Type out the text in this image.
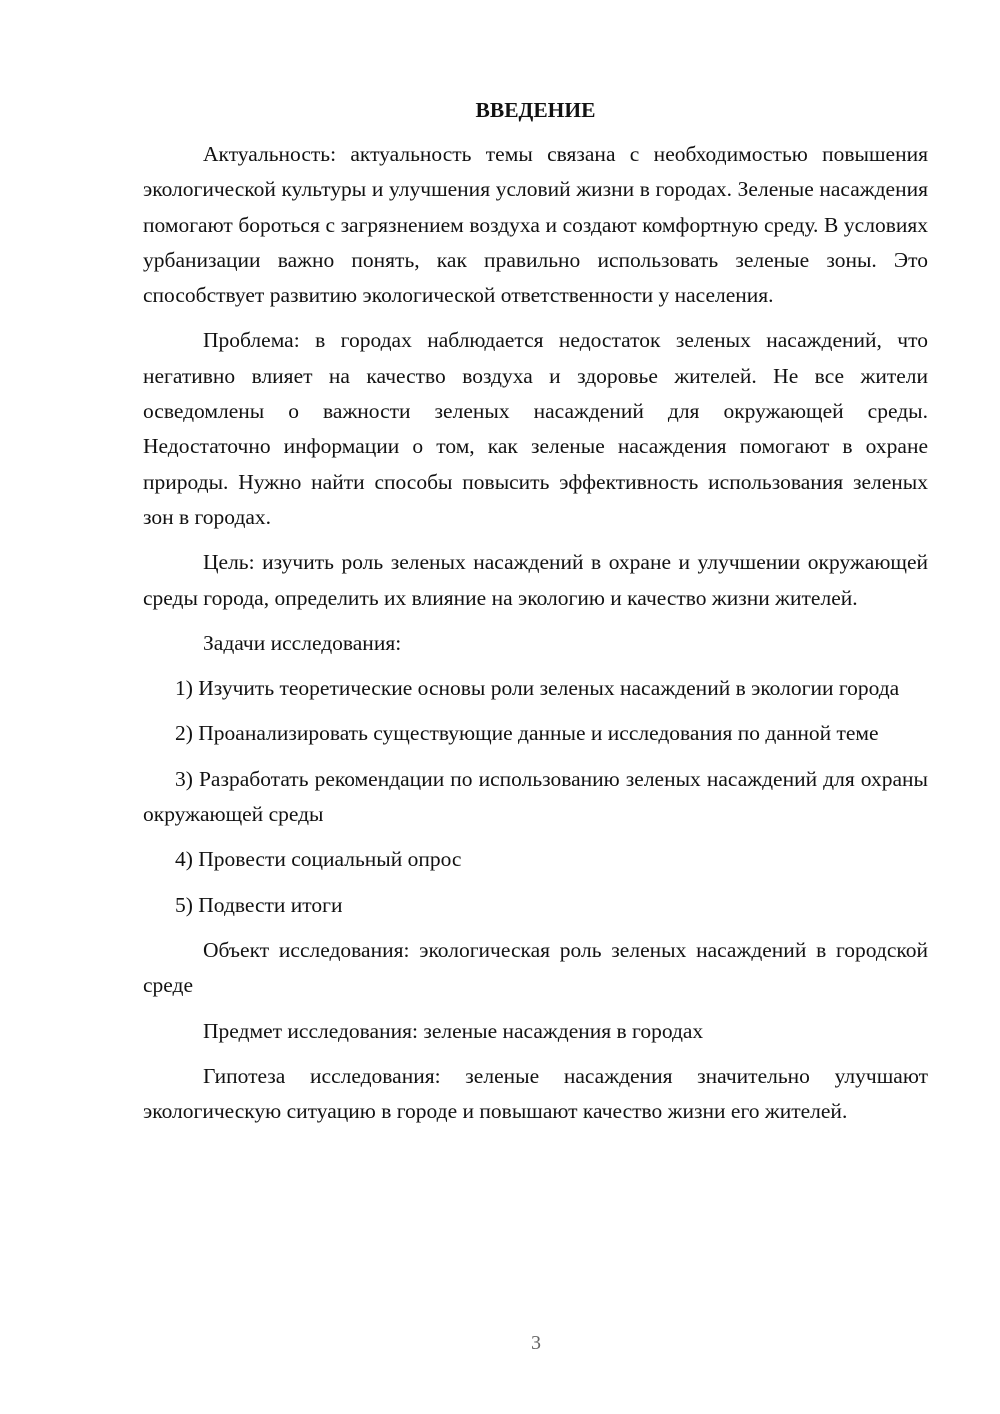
ВВЕДЕНИЕ

Актуальность: актуальность темы связана с необходимостью повышения экологической культуры и улучшения условий жизни в городах. Зеленые насаждения помогают бороться с загрязнением воздуха и создают комфортную среду. В условиях урбанизации важно понять, как правильно использовать зеленые зоны. Это способствует развитию экологической ответственности у населения.

Проблема: в городах наблюдается недостаток зеленых насаждений, что негативно влияет на качество воздуха и здоровье жителей. Не все жители осведомлены о важности зеленых насаждений для окружающей среды. Недостаточно информации о том, как зеленые насаждения помогают в охране природы. Нужно найти способы повысить эффективность использования зеленых зон в городах.

Цель: изучить роль зеленых насаждений в охране и улучшении окружающей среды города, определить их влияние на экологию и качество жизни жителей.

Задачи исследования:

1) Изучить теоретические основы роли зеленых насаждений в экологии города

2) Проанализировать существующие данные и исследования по данной теме

3) Разработать рекомендации по использованию зеленых насаждений для охраны окружающей среды

4) Провести социальный опрос

5) Подвести итоги

Объект исследования: экологическая роль зеленых насаждений в городской среде

Предмет исследования: зеленые насаждения в городах

Гипотеза исследования: зеленые насаждения значительно улучшают экологическую ситуацию в городе и повышают качество жизни его жителей.

3
